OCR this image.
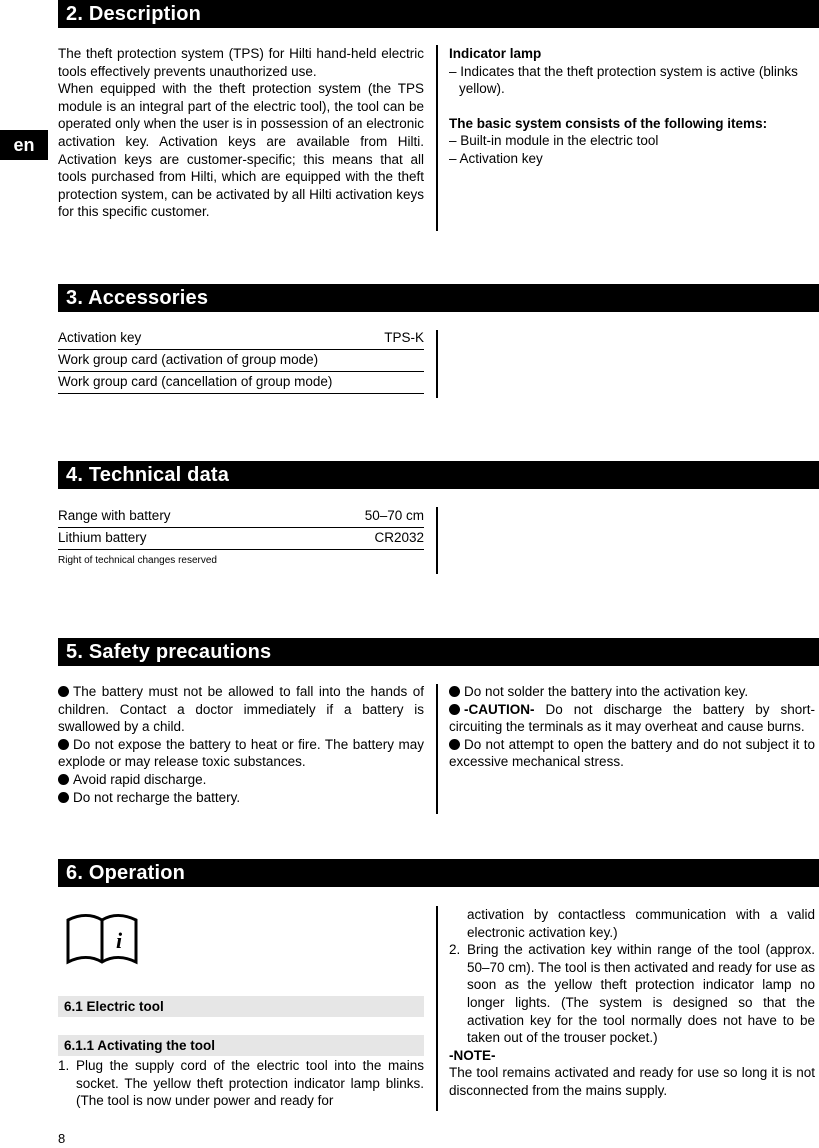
en
2. Description

The theft protection system (TPS) for Hilti hand-held electric tools effectively prevents unauthorized use.

When equipped with the theft protection system (the TPS module is an integral part of the electric tool), the tool can be operated only when the user is in possession of an electronic activation key. Activation keys are available from Hilti. Activation keys are customer-specific; this means that all tools purchased from Hilti, which are equipped with the theft protection system, can be activated by all Hilti activation keys for this specific customer.

Indicator lamp

– Indicates that the theft protection system is active (blinks yellow).

The basic system consists of the following items:

– Built-in module in the electric tool

– Activation key

3. Accessories
Activation key	TPS-K
Work group card (activation of group mode)
Work group card (cancellation of group mode)
4. Technical data
Range with battery	50–70 cm
Lithium battery	CR2032

Right of technical changes reserved

5. Safety precautions

The battery must not be allowed to fall into the hands of children. Contact a doctor immediately if a battery is swallowed by a child.

Do not expose the battery to heat or fire. The battery may explode or may release toxic substances.

Avoid rapid discharge.

Do not recharge the battery.

Do not solder the battery into the activation key.

-CAUTION- Do not discharge the battery by short-circuiting the terminals as it may overheat and cause burns.

Do not attempt to open the battery and do not subject it to excessive mechanical stress.

6. Operation
i
6.1 Electric tool
6.1.1 Activating the tool
1. Plug the supply cord of the electric tool into the mains socket. The yellow theft protection indicator lamp blinks. (The tool is now under power and ready for
activation by contactless communication with a valid electronic activation key.)
2. Bring the activation key within range of the tool (approx. 50–70 cm). The tool is then activated and ready for use as soon as the yellow theft protection indicator lamp no longer lights. (The system is designed so that the activation key for the tool normally does not have to be taken out of the trouser pocket.)

-NOTE-

The tool remains activated and ready for use so long it is not disconnected from the mains supply.

8
